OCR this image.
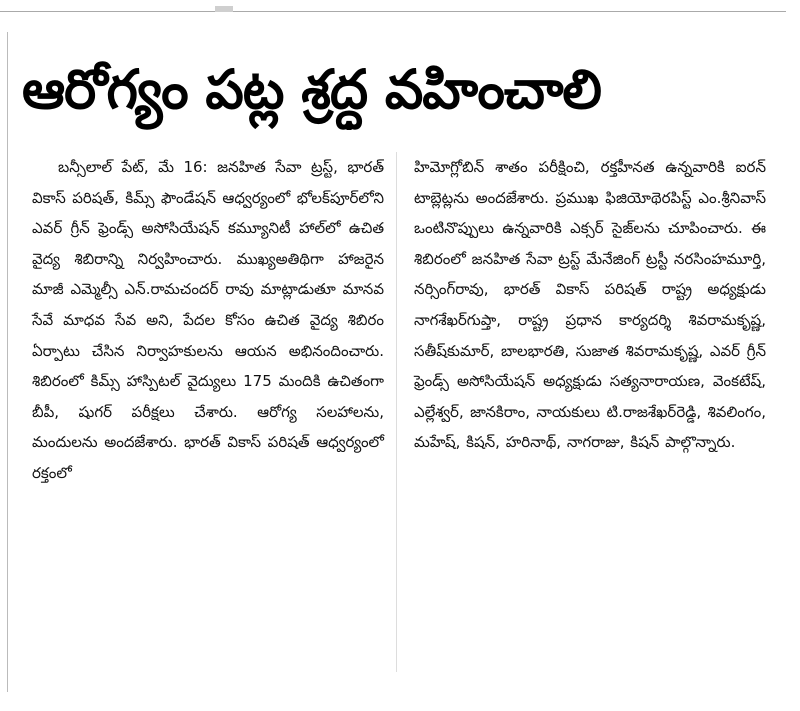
ఆరోగ్యం పట్ల శ్రద్ధ వహించాలి
బన్సీలాల్ పేట్, మే 16: జనహిత సేవా ట్రస్ట్, భారత్ వికాస్ పరిషత్, కిమ్స్ ఫౌండేషన్ ఆధ్వర్యంలో భోలక్‌పూర్‌లోని ఎవర్ గ్రీన్ ఫ్రెండ్స్ అసోసియేషన్ కమ్యూనిటీ హాల్‌లో ఉచిత వైద్య శిబిరాన్ని నిర్వహించారు. ముఖ్యఅతిథిగా హాజరైన మాజీ ఎమ్మెల్సీ ఎన్.రామచందర్ రావు మాట్లాడుతూ మానవ సేవే మాధవ సేవ అని, పేదల కోసం ఉచిత వైద్య శిబిరం ఏర్పాటు చేసిన నిర్వాహకులను ఆయన అభినందించారు. శిబిరంలో కిమ్స్ హాస్పిటల్ వైద్యులు 175 మందికి ఉచితంగా బీపీ, షుగర్ పరీక్షలు చేశారు. ఆరోగ్య సలహాలను, మందులను అందజేశారు. భారత్ వికాస్ పరిషత్ ఆధ్వర్యంలో రక్తంలో
హిమోగ్లోబిన్ శాతం పరీక్షించి, రక్తహీనత ఉన్నవారికి ఐరన్ టాబ్లెట్లను అందజేశారు. ప్రముఖ ఫిజియోథెరపిస్ట్ ఎం.శ్రీనివాస్ ఒంటినొప్పులు ఉన్నవారికి ఎక్సర్ సైజ్‌లను చూపించారు. ఈ శిబిరంలో జనహిత సేవా ట్రస్ట్ మేనేజింగ్ ట్రస్టీ నరసింహమూర్తి, నర్సింగ్‌రావు, భారత్ వికాస్ పరిషత్ రాష్ట్ర అధ్యక్షుడు నాగశేఖర్‌గుప్తా, రాష్ట్ర ప్రధాన కార్యదర్శి శివరామకృష్ణ, సతీష్‌కుమార్, బాలభారతి, సుజాత శివరామకృష్ణ, ఎవర్ గ్రీన్ ఫ్రెండ్స్ అసోసియేషన్ అధ్యక్షుడు సత్యనారాయణ, వెంకటేష్, ఎల్లేశ్వర్, జానకిరాం, నాయకులు టి.రాజశేఖర్‌రెడ్డి, శివలింగం, మహేష్, కిషన్, హరినాథ్, నాగరాజు, కిషన్ పాల్గొన్నారు.
